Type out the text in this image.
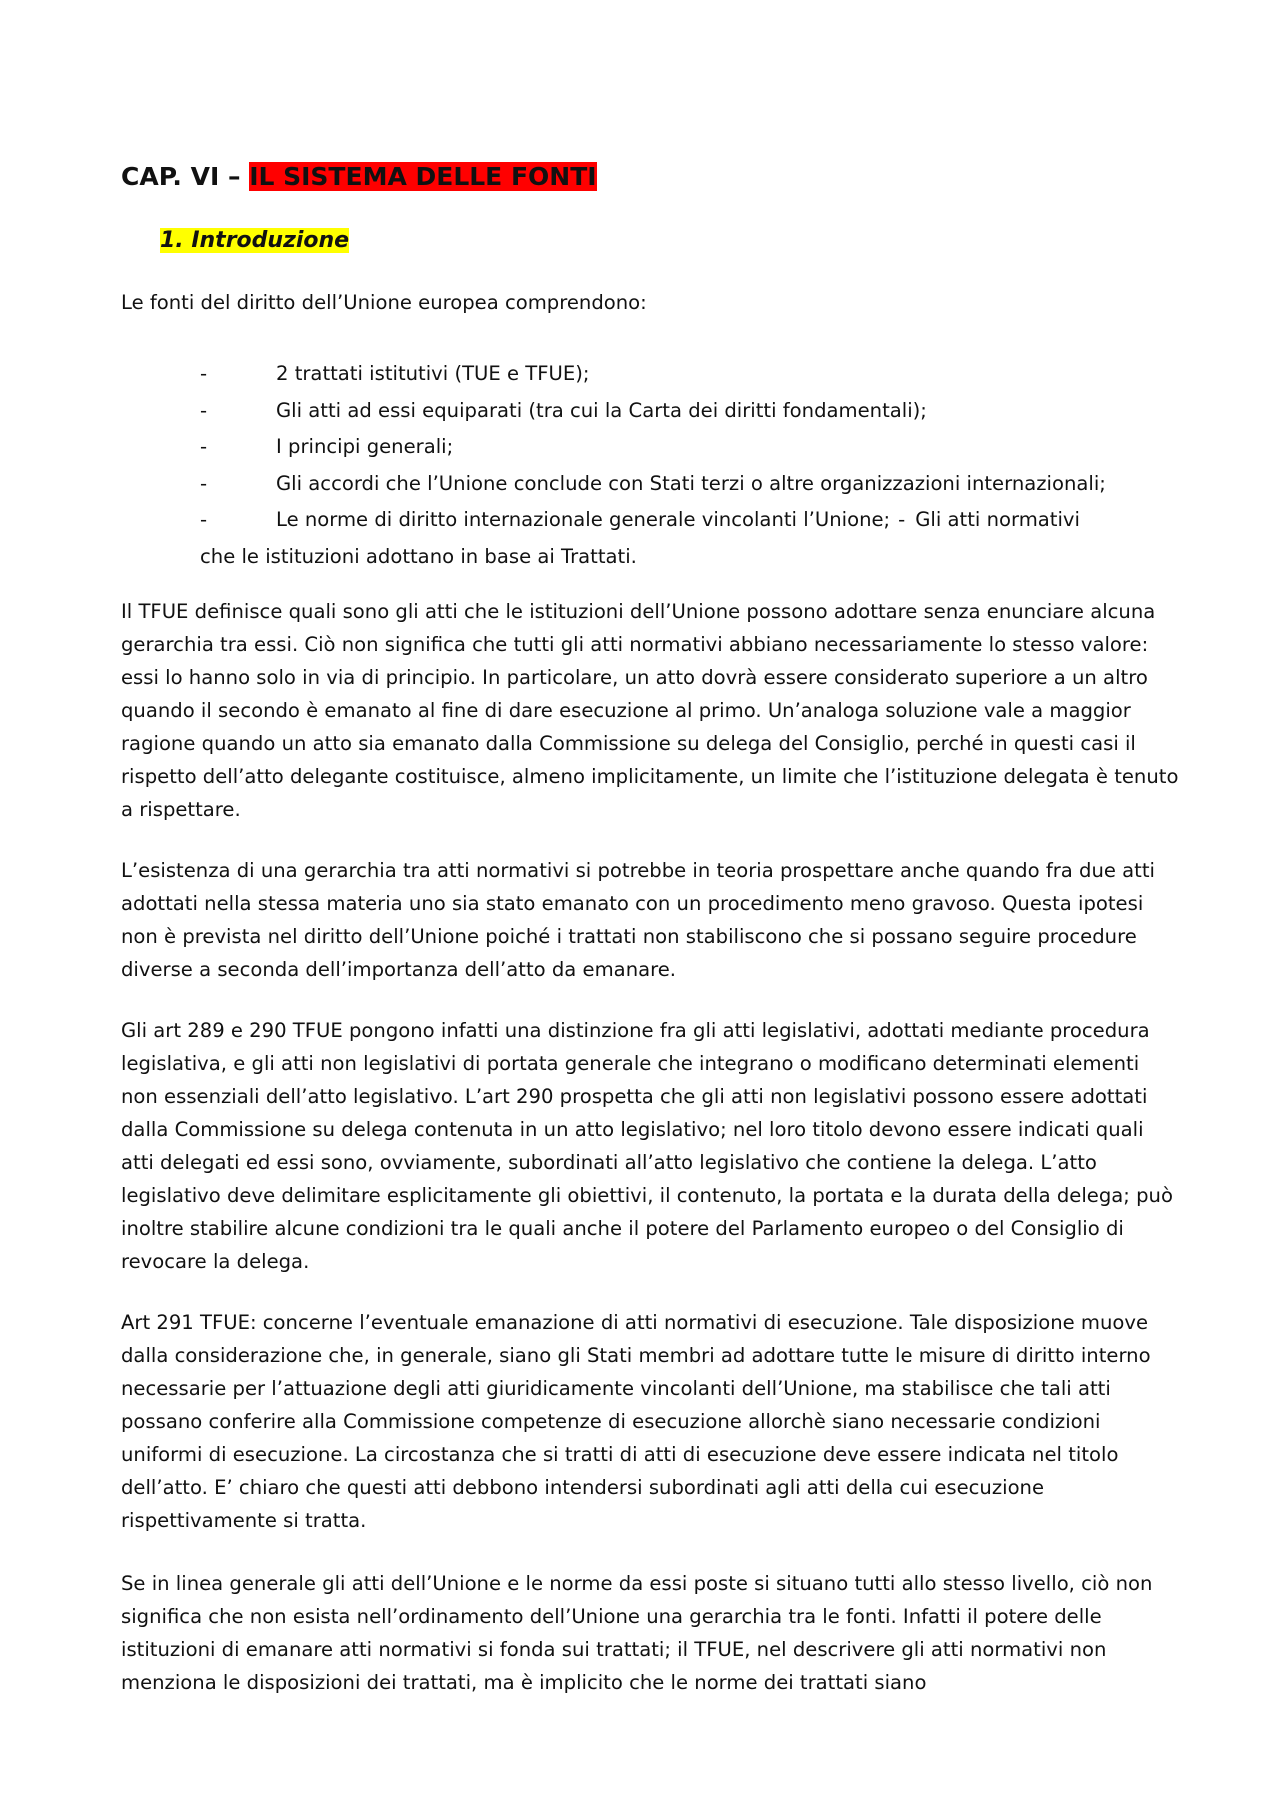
CAP. VI – IL SISTEMA DELLE FONTI
1. Introduzione

Le fonti del diritto dell’Unione europea comprendono:

-	2 trattati istitutivi (TUE e TFUE);
-	Gli atti ad essi equiparati (tra cui la Carta dei diritti fondamentali);
-	I principi generali;
-	Gli accordi che l’Unione conclude con Stati terzi o altre organizzazioni internazionali;
-	Le norme di diritto internazionale generale vincolanti l’Unione; - Gli atti normativi
che le istituzioni adottano in base ai Trattati.

Il TFUE definisce quali sono gli atti che le istituzioni dell’Unione possono adottare senza enunciare alcuna gerarchia tra essi. Ciò non significa che tutti gli atti normativi abbiano necessariamente lo stesso valore: essi lo hanno solo in via di principio. In particolare, un atto dovrà essere considerato superiore a un altro quando il secondo è emanato al fine di dare esecuzione al primo. Un’analoga soluzione vale a maggior ragione quando un atto sia emanato dalla Commissione su delega del Consiglio, perché in questi casi il rispetto dell’atto delegante costituisce, almeno implicitamente, un limite che l’istituzione delegata è tenuto a rispettare.

L’esistenza di una gerarchia tra atti normativi si potrebbe in teoria prospettare anche quando fra due atti adottati nella stessa materia uno sia stato emanato con un procedimento meno gravoso. Questa ipotesi non è prevista nel diritto dell’Unione poiché i trattati non stabiliscono che si possano seguire procedure diverse a seconda dell’importanza dell’atto da emanare.

Gli art 289 e 290 TFUE pongono infatti una distinzione fra gli atti legislativi, adottati mediante procedura legislativa, e gli atti non legislativi di portata generale che integrano o modificano determinati elementi non essenziali dell’atto legislativo. L’art 290 prospetta che gli atti non legislativi possono essere adottati dalla Commissione su delega contenuta in un atto legislativo; nel loro titolo devono essere indicati quali atti delegati ed essi sono, ovviamente, subordinati all’atto legislativo che contiene la delega. L’atto legislativo deve delimitare esplicitamente gli obiettivi, il contenuto, la portata e la durata della delega; può inoltre stabilire alcune condizioni tra le quali anche il potere del Parlamento europeo o del Consiglio di revocare la delega.

Art 291 TFUE: concerne l’eventuale emanazione di atti normativi di esecuzione. Tale disposizione muove dalla considerazione che, in generale, siano gli Stati membri ad adottare tutte le misure di diritto interno necessarie per l’attuazione degli atti giuridicamente vincolanti dell’Unione, ma stabilisce che tali atti possano conferire alla Commissione competenze di esecuzione allorchè siano necessarie condizioni uniformi di esecuzione. La circostanza che si tratti di atti di esecuzione deve essere indicata nel titolo dell’atto. E’ chiaro che questi atti debbono intendersi subordinati agli atti della cui esecuzione rispettivamente si tratta.

Se in linea generale gli atti dell’Unione e le norme da essi poste si situano tutti allo stesso livello, ciò non significa che non esista nell’ordinamento dell’Unione una gerarchia tra le fonti. Infatti il potere delle istituzioni di emanare atti normativi si fonda sui trattati; il TFUE, nel descrivere gli atti normativi non menziona le disposizioni dei trattati, ma è implicito che le norme dei trattati siano
